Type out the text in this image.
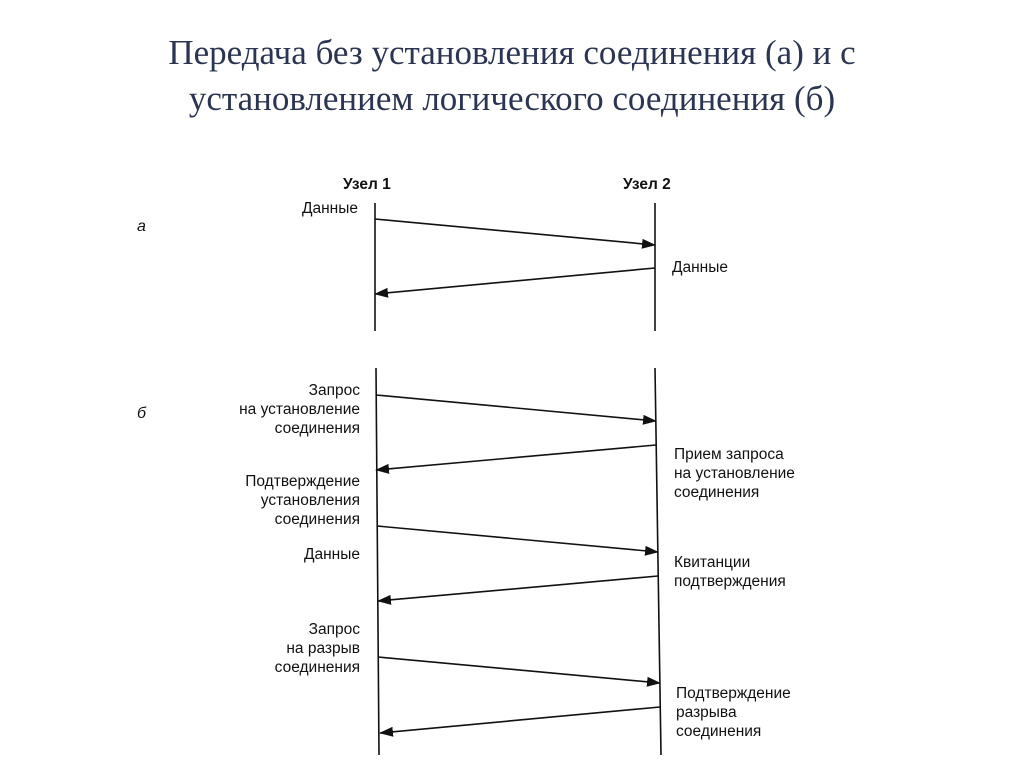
Передача без установления соединения (а) и с
установлением логического соединения (б)
Узел 1	Узел 2
а
Данные
Данные
б
Запрос
на установление
соединения
Подтверждение
установления
соединения
Данные
Запрос
на разрыв
соединения
Прием запроса
на установление
соединения
Квитанции
подтверждения
Подтверждение
разрыва
соединения
